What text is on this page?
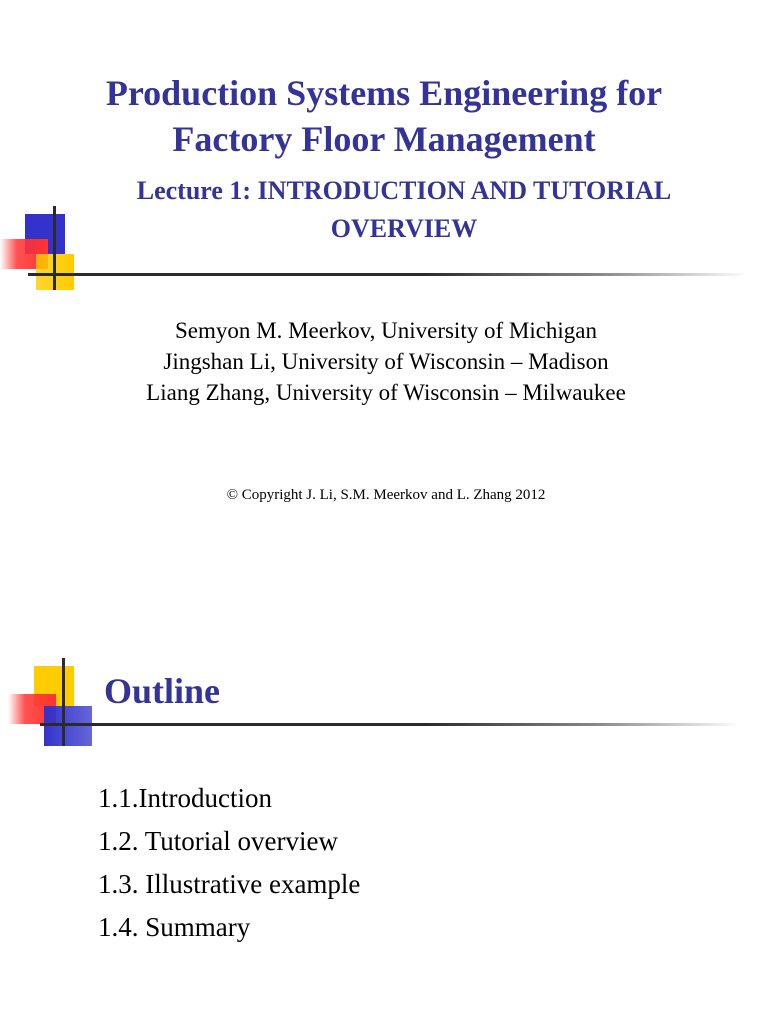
Production Systems Engineering for
Factory Floor Management
Lecture 1: INTRODUCTION AND TUTORIAL
OVERVIEW
Semyon M. Meerkov, University of Michigan
Jingshan Li, University of Wisconsin – Madison
Liang Zhang, University of Wisconsin – Milwaukee
© Copyright J. Li, S.M. Meerkov and L. Zhang 2012
Outline
1.1.Introduction
1.2. Tutorial overview
1.3. Illustrative example
1.4. Summary
